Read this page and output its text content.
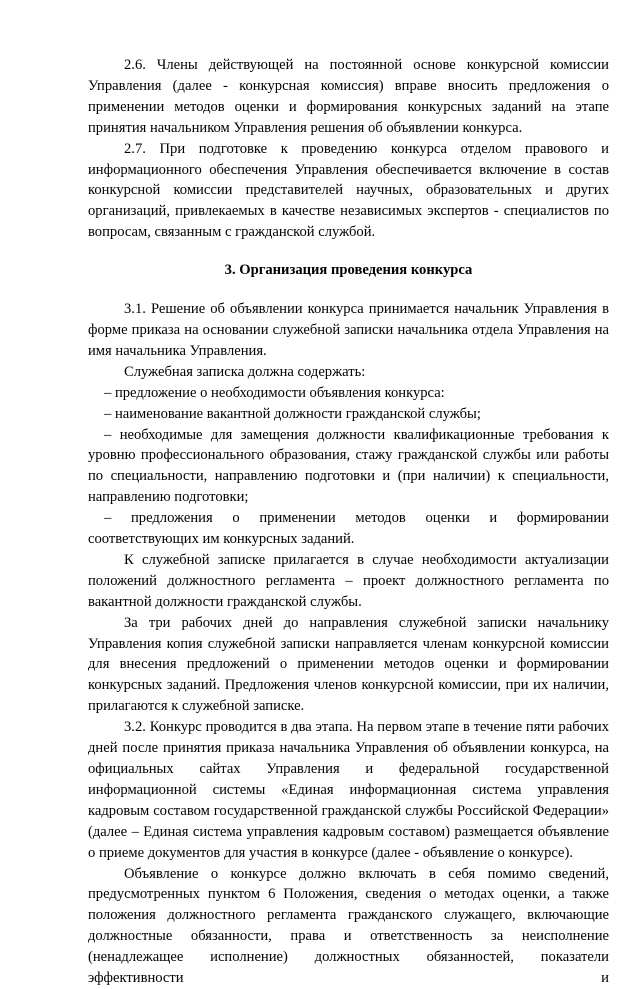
2.6. Члены действующей на постоянной основе конкурсной комиссии Управления (далее - конкурсная комиссия) вправе вносить предложения о применении методов оценки и формирования конкурсных заданий на этапе принятия начальником Управления решения об объявлении конкурса.

2.7. При подготовке к проведению конкурса отделом правового и информационного обеспечения Управления обеспечивается включение в состав конкурсной комиссии представителей научных, образовательных и других организаций, привлекаемых в качестве независимых экспертов - специалистов по вопросам, связанным с гражданской службой.

3. Организация проведения конкурса

3.1. Решение об объявлении конкурса принимается начальник Управления в форме приказа на основании служебной записки начальника отдела Управления на имя начальника Управления.

Служебная записка должна содержать:

– предложение о необходимости объявления конкурса:

– наименование вакантной должности гражданской службы;

– необходимые для замещения должности квалификационные требования к уровню профессионального образования, стажу гражданской службы или работы по специальности, направлению подготовки и (при наличии) к специальности, направлению подготовки;

– предложения о применении методов оценки и формировании соответствующих им конкурсных заданий.

К служебной записке прилагается в случае необходимости актуализации положений должностного регламента – проект должностного регламента по вакантной должности гражданской службы.

За три рабочих дней до направления служебной записки начальнику Управления копия служебной записки направляется членам конкурсной комиссии для внесения предложений о применении методов оценки и формировании конкурсных заданий. Предложения членов конкурсной комиссии, при их наличии, прилагаются к служебной записке.

3.2. Конкурс проводится в два этапа. На первом этапе в течение пяти рабочих дней после принятия приказа начальника Управления об объявлении конкурса, на официальных сайтах Управления и федеральной государственной информационной системы «Единая информационная система управления кадровым составом государственной гражданской службы Российской Федерации» (далее – Единая система управления кадровым составом) размещается объявление о приеме документов для участия в конкурсе (далее - объявление о конкурсе).

Объявление о конкурсе должно включать в себя помимо сведений, предусмотренных пунктом 6 Положения, сведения о методах оценки, а также положения должностного регламента гражданского служащего, включающие должностные обязанности, права и ответственность за неисполнение (ненадлежащее исполнение) должностных обязанностей, показатели эффективности и
